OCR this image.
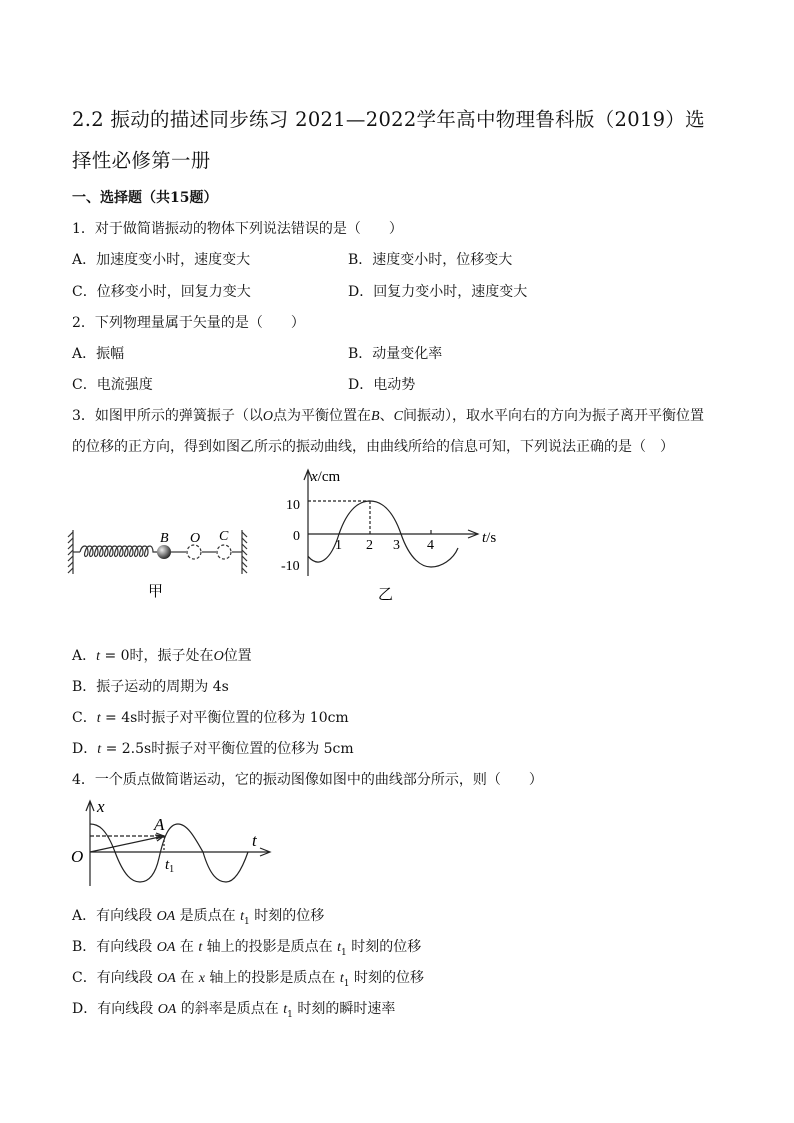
2.2 振动的描述同步练习 2021—2022学年高中物理鲁科版（2019）选
择性必修第一册
一、选择题（共15题）
1．对于做简谐振动的物体下列说法错误的是（　　）
A．加速度变小时，速度变大	B．速度变小时，位移变大
C．位移变小时，回复力变大	D．回复力变小时，速度变大
2．下列物理量属于矢量的是（　　）
A．振幅	B．动量变化率
C．电流强度	D．电动势
3．如图甲所示的弹簧振子（以O点为平衡位置在B、C间振动），取水平向右的方向为振子离开平衡位置
的位移的正方向，得到如图乙所示的振动曲线，由曲线所给的信息可知，下列说法正确的是（　）
B O C
甲
x/cm
t/s
10
0
-10
1 2 3 4
乙
A．t = 0时，振子处在O位置
B．振子运动的周期为 4s
C．t = 4s时振子对平衡位置的位移为 10cm
D．t = 2.5s时振子对平衡位置的位移为 5cm
4．一个质点做简谐运动，它的振动图像如图中的曲线部分所示，则（　　）
x
t
O
A
$t_1$
A．有向线段 OA 是质点在 $t_1$ 时刻的位移
B．有向线段 OA 在 t 轴上的投影是质点在 $t_1$ 时刻的位移
C．有向线段 OA 在 x 轴上的投影是质点在 $t_1$ 时刻的位移
D．有向线段 OA 的斜率是质点在 $t_1$ 时刻的瞬时速率
